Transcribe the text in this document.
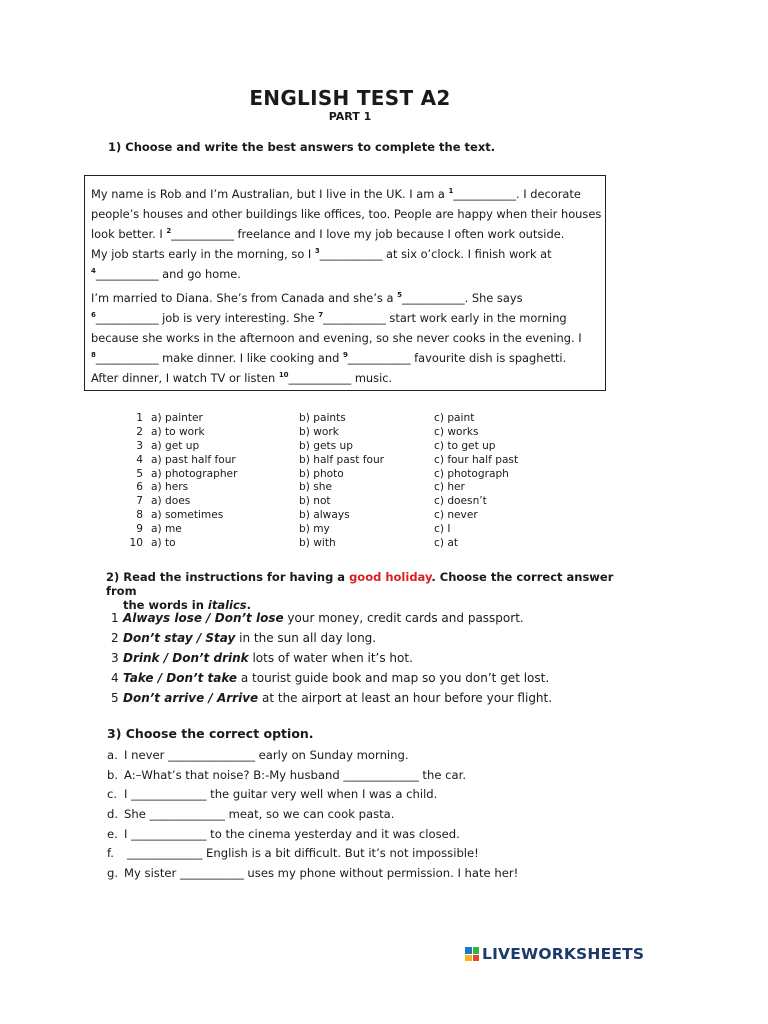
ENGLISH TEST A2
PART 1
1) Choose and write the best answers to complete the text.

My name is Rob and I’m Australian, but I live in the UK. I am a $^1$___________. I decorate

people’s houses and other buildings like offices, too. People are happy when their houses

look better. I $^2$___________ freelance and I love my job because I often work outside.

My job starts early in the morning, so I $^3$___________ at six o’clock. I finish work at

$^4$___________ and go home.

I’m married to Diana. She’s from Canada and she’s a $^5$___________. She says

$^6$___________ job is very interesting. She $^7$___________ start work early in the morning

because she works in the afternoon and evening, so she never cooks in the evening. I

$^8$___________ make dinner. I like cooking and $^9$___________ favourite dish is spaghetti.

After dinner, I watch TV or listen $^{10}$___________ music.

1 a) painter	b) paints	c) paint
2 a) to work	b) work	c) works
3 a) get up	b) gets up	c) to get up
4 a) past half four	b) half past four	c) four half past
5 a) photographer	b) photo	c) photograph
6 a) hers	b) she	c) her
7 a) does	b) not	c) doesn’t
8 a) sometimes	b) always	c) never
9 a) me	b) my	c) I
10 a) to	b) with	c) at
2) Read the instructions for having a good holiday. Choose the correct answer from
the words in italics.
1 Always lose / Don’t lose your money, credit cards and passport.
2 Don’t stay / Stay in the sun all day long.
3 Drink / Don’t drink lots of water when it’s hot.
4 Take / Don’t take a tourist guide book and map so you don’t get lost.
5 Don’t arrive / Arrive at the airport at least an hour before your flight.
3) Choose the correct option.
a. I never _______________ early on Sunday morning.
b. A:–What’s that noise? B:-My husband _____________ the car.
c. I _____________ the guitar very well when I was a child.
d. She _____________ meat, so we can cook pasta.
e. I _____________ to the cinema yesterday and it was closed.
f.	_____________ English is a bit difficult. But it’s not impossible!
g. My sister ___________ uses my phone without permission. I hate her!
LIVEWORKSHEETS
